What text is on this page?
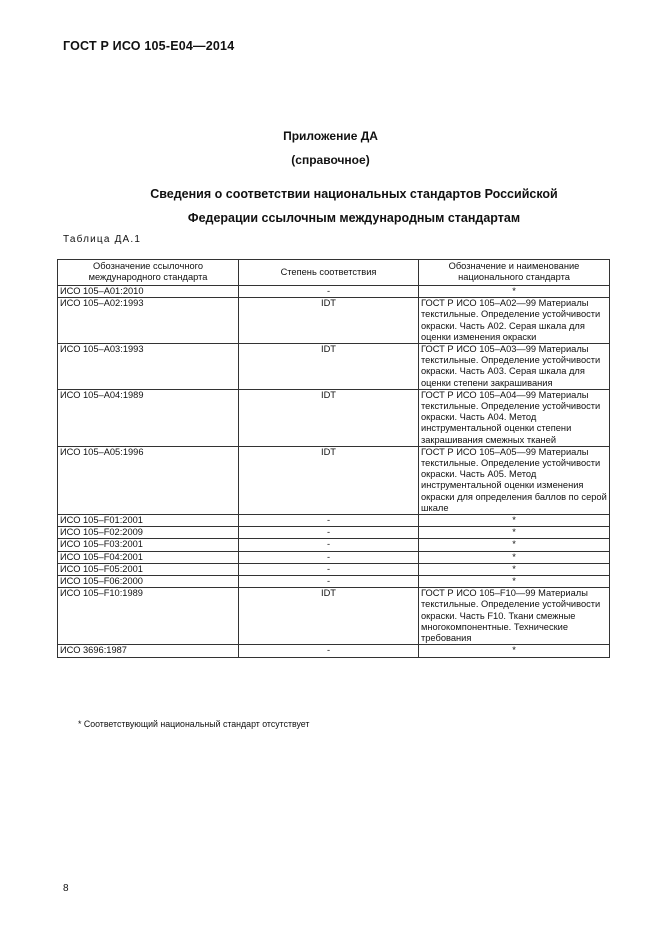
ГОСТ Р ИСО 105-Е04—2014
Приложение ДА
(справочное)
Сведения о соответствии национальных стандартов Российской
Федерации ссылочным международным стандартам
Таблица ДА.1
Обозначение ссылочного международного стандарта	Степень соответствия	Обозначение и наименование национального стандарта
ИСО 105–A01:2010	-	*
ИСО 105–A02:1993	IDT	ГОСТ Р ИСО 105–А02—99 Материалы текстильные. Определение устойчивости окраски. Часть А02. Серая шкала для оценки изменения окраски
ИСО 105–A03:1993	IDT	ГОСТ Р ИСО 105–А03—99 Материалы текстильные. Определение устойчивости окраски. Часть А03. Серая шкала для оценки степени закрашивания
ИСО 105–A04:1989	IDT	ГОСТ Р ИСО 105–А04—99 Материалы текстильные. Определение устойчивости окраски. Часть А04. Метод инструментальной оценки степени закрашивания смежных тканей
ИСО 105–A05:1996	IDT	ГОСТ Р ИСО 105–А05—99 Материалы текстильные. Определение устойчивости окраски. Часть А05. Метод инструментальной оценки изменения окраски для определения баллов по серой шкале
ИСО 105–F01:2001	-	*
ИСО 105–F02:2009	-	*
ИСО 105–F03:2001	-	*
ИСО 105–F04:2001	-	*
ИСО 105–F05:2001	-	*
ИСО 105–F06:2000	-	*
ИСО 105–F10:1989	IDT	ГОСТ Р ИСО 105–F10—99 Материалы текстильные. Определение устойчивости окраски. Часть F10. Ткани смежные многокомпонентные. Технические требования
ИСО 3696:1987	-	*
* Соответствующий национальный стандарт отсутствует
8
